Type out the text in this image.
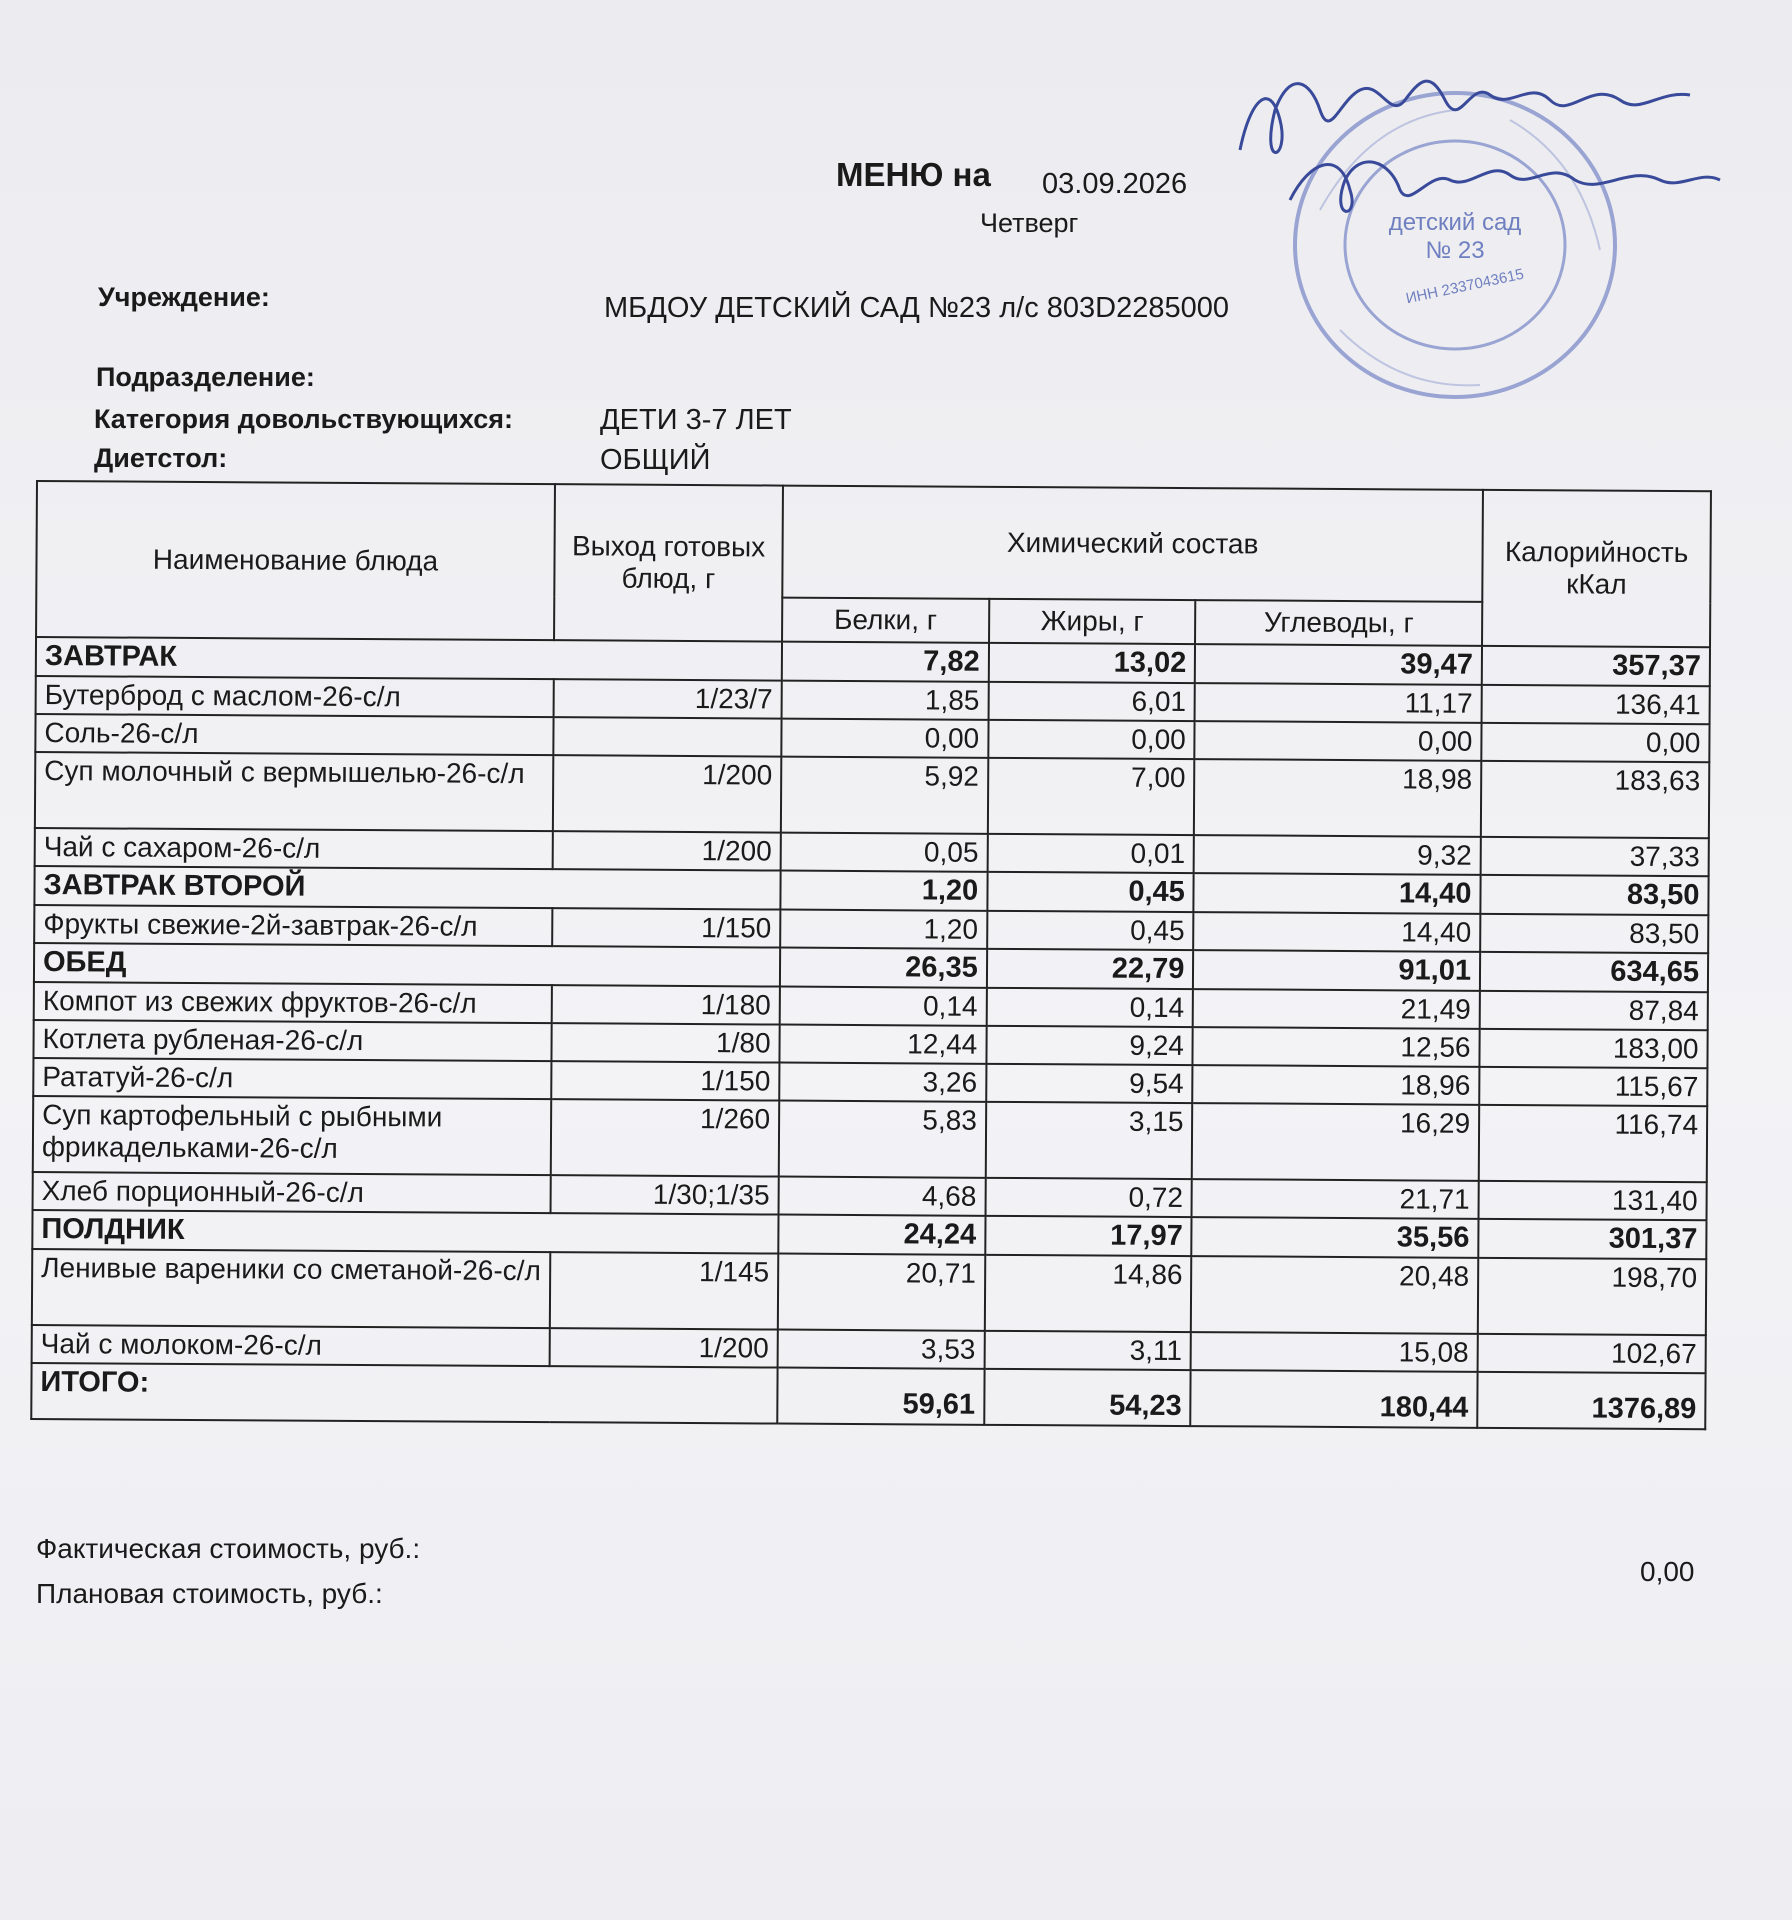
МЕНЮ на 03.09.2026
Четверг
Учреждение:	МБДОУ ДЕТСКИЙ САД №23 л/с 803D2285000
Подразделение:
Категория довольствующихся:	ДЕТИ 3-7 ЛЕТ
Диетстол:	ОБЩИЙ
детский сад
№ 23
ИНН 2337043615
Наименование блюда	Выход готовых блюд, г	Химический состав			Калорийность кКал
		Белки, г	Жиры, г	Углеводы, г	
ЗАВТРАК		7,82	13,02	39,47	357,37
Бутерброд с маслом-26-с/л	1/23/7	1,85	6,01	11,17	136,41
Соль-26-с/л		0,00	0,00	0,00	0,00
Суп молочный с вермышелью-26-с/л	1/200	5,92	7,00	18,98	183,63
Чай с сахаром-26-с/л	1/200	0,05	0,01	9,32	37,33
ЗАВТРАК ВТОРОЙ		1,20	0,45	14,40	83,50
Фрукты свежие-2й-завтрак-26-с/л	1/150	1,20	0,45	14,40	83,50
ОБЕД		26,35	22,79	91,01	634,65
Компот из свежих фруктов-26-с/л	1/180	0,14	0,14	21,49	87,84
Котлета рубленая-26-с/л	1/80	12,44	9,24	12,56	183,00
Рататуй-26-с/л	1/150	3,26	9,54	18,96	115,67
Суп картофельный с рыбными фрикадельками-26-с/л	1/260	5,83	3,15	16,29	116,74
Хлеб порционный-26-с/л	1/30;1/35	4,68	0,72	21,71	131,40
ПОЛДНИК		24,24	17,97	35,56	301,37
Ленивые вареники со сметаной-26-с/л	1/145	20,71	14,86	20,48	198,70
Чай с молоком-26-с/л	1/200	3,53	3,11	15,08	102,67
ИТОГО:		59,61	54,23	180,44	1376,89
Фактическая стоимость, руб.:
Плановая стоимость, руб.:
0,00
